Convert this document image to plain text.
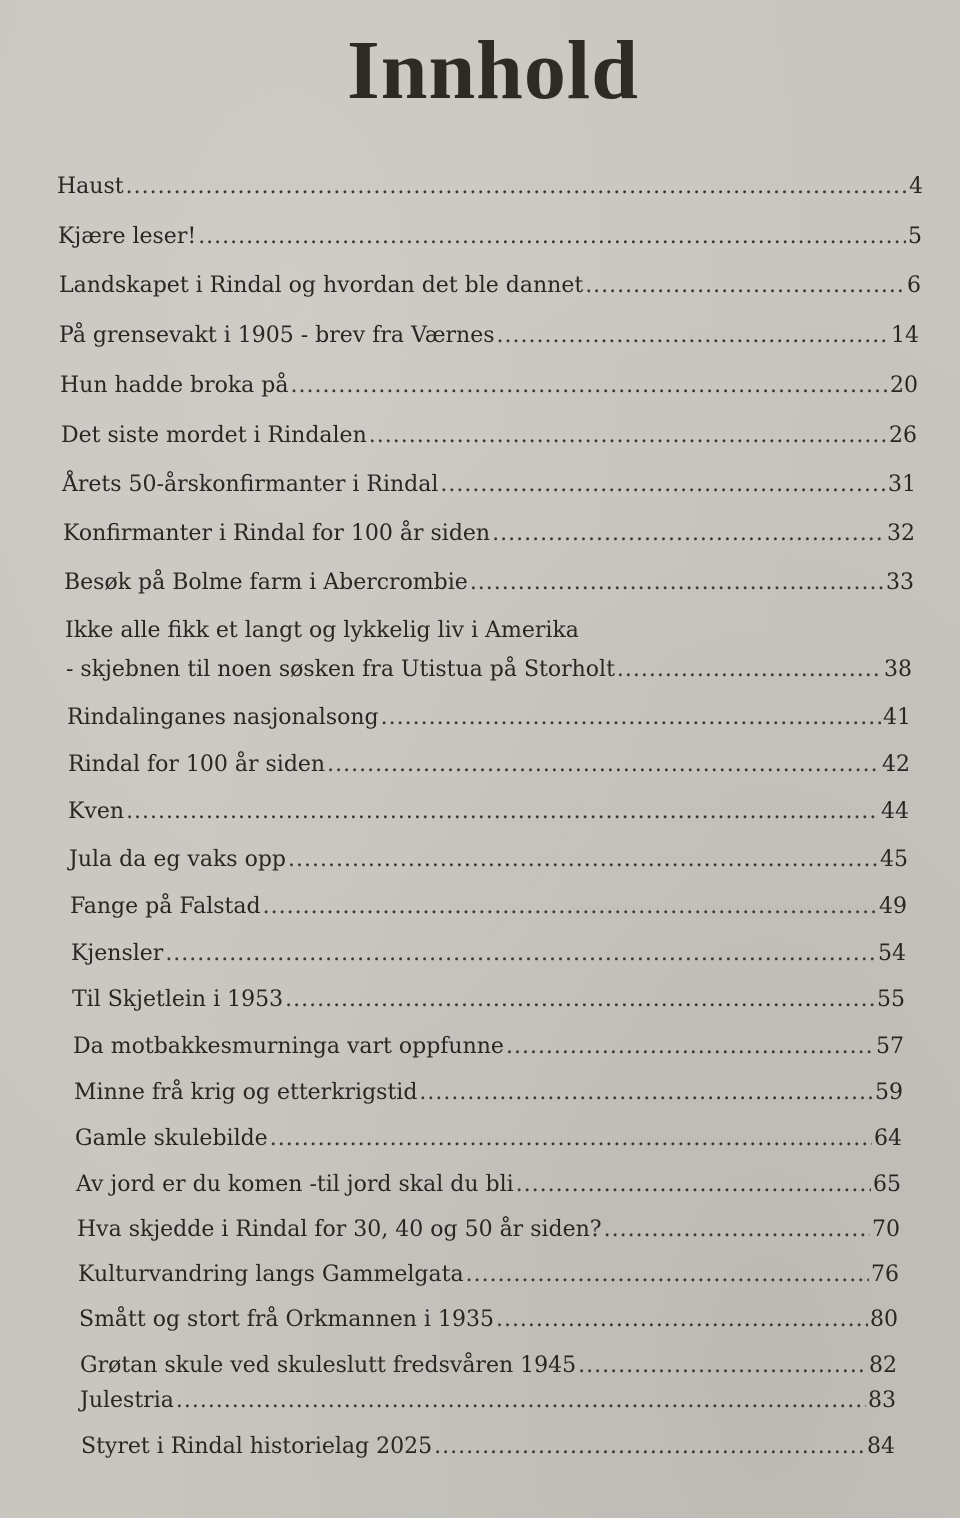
Innhold
Haust .....	4
Kjære leser! .....	5
Landskapet i Rindal og hvordan det ble dannet .....	6
På grensevakt i 1905 - brev fra Værnes .....	14
Hun hadde broka på .....	20
Det siste mordet i Rindalen .....	26
Årets 50-årskonfirmanter i Rindal .....	31
Konfirmanter i Rindal for 100 år siden .....	32
Besøk på Bolme farm i Abercrombie .....	33
Ikke alle fikk et langt og lykkelig liv i Amerika
- skjebnen til noen søsken fra Utistua på Storholt .....	38
Rindalinganes nasjonalsong .....	41
Rindal for 100 år siden .....	42
Kven .....	44
Jula da eg vaks opp .....	45
Fange på Falstad .....	49
Kjensler .....	54
Til Skjetlein i 1953 .....	55
Da motbakkesmurninga vart oppfunne .....	57
Minne frå krig og etterkrigstid .....	59
Gamle skulebilde .....	64
Av jord er du komen -til jord skal du bli .....	65
Hva skjedde i Rindal for 30, 40 og 50 år siden? .....	70
Kulturvandring langs Gammelgata .....	76
Smått og stort frå Orkmannen i 1935 .....	80
Grøtan skule ved skuleslutt fredsvåren 1945 .....	82
Julestria .....	83
Styret i Rindal historielag 2025 .....	84
